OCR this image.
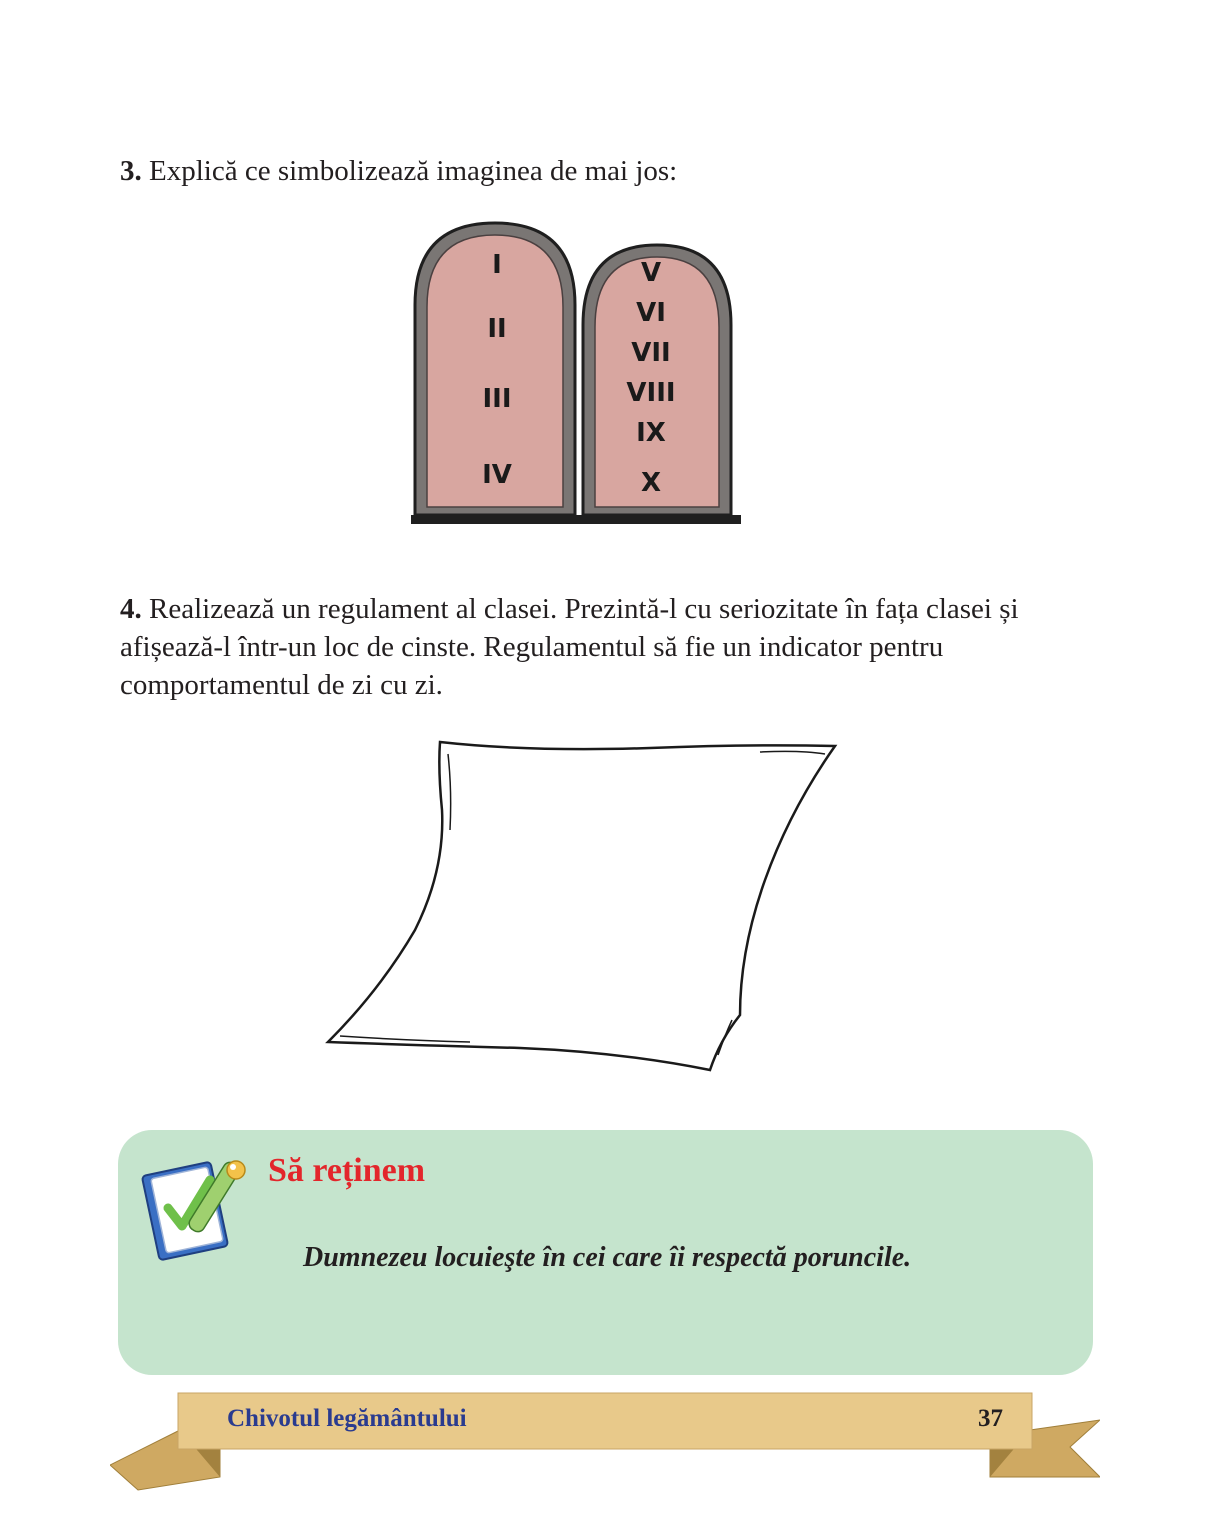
3. Explică ce simbolizează imaginea de mai jos:

I
II
III
IV
V
VI
VII
VIII
IX
X

4. Realizează un regulament al clasei. Prezintă-l cu seriozitate în fața clasei și afișează-l într-un loc de cinste. Regulamentul să fie un indicator pentru comportamentul de zi cu zi.

Să reținem

Dumnezeu locuieşte în cei care îi respectă poruncile.

Chivotul legământului	37
